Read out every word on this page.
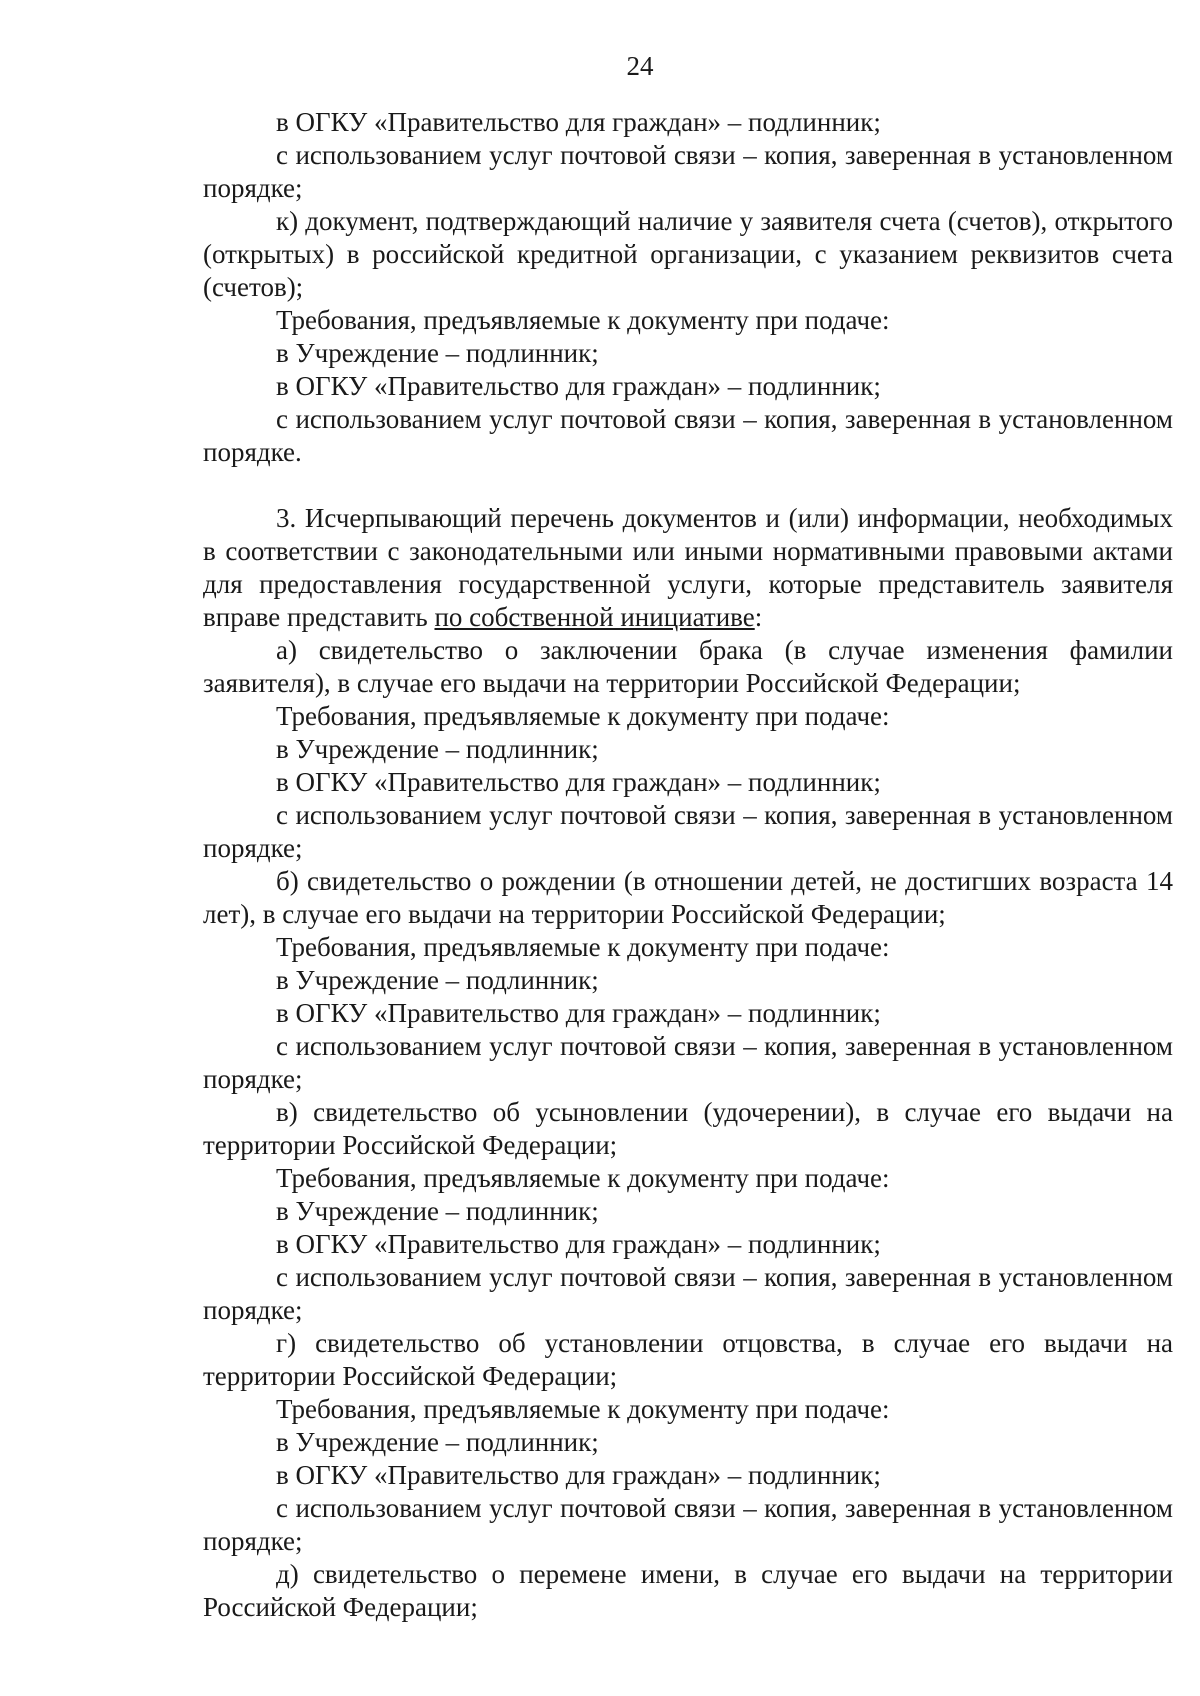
24

в ОГКУ «Правительство для граждан» – подлинник;

с использованием услуг почтовой связи – копия, заверенная в установленном порядке;

к) документ, подтверждающий наличие у заявителя счета (счетов), открытого (открытых) в российской кредитной организации, с указанием реквизитов счета (счетов);

Требования, предъявляемые к документу при подаче:

в Учреждение – подлинник;

в ОГКУ «Правительство для граждан» – подлинник;

с использованием услуг почтовой связи – копия, заверенная в установленном порядке.

3. Исчерпывающий перечень документов и (или) информации, необходимых в соответствии с законодательными или иными нормативными правовыми актами для предоставления государственной услуги, которые представитель заявителя вправе представить по собственной инициативе:

а) свидетельство о заключении брака (в случае изменения фамилии заявителя), в случае его выдачи на территории Российской Федерации;

Требования, предъявляемые к документу при подаче:

в Учреждение – подлинник;

в ОГКУ «Правительство для граждан» – подлинник;

с использованием услуг почтовой связи – копия, заверенная в установленном порядке;

б) свидетельство о рождении (в отношении детей, не достигших возраста 14 лет), в случае его выдачи на территории Российской Федерации;

Требования, предъявляемые к документу при подаче:

в Учреждение – подлинник;

в ОГКУ «Правительство для граждан» – подлинник;

с использованием услуг почтовой связи – копия, заверенная в установленном порядке;

в) свидетельство об усыновлении (удочерении), в случае его выдачи на территории Российской Федерации;

Требования, предъявляемые к документу при подаче:

в Учреждение – подлинник;

в ОГКУ «Правительство для граждан» – подлинник;

с использованием услуг почтовой связи – копия, заверенная в установленном порядке;

г) свидетельство об установлении отцовства, в случае его выдачи на территории Российской Федерации;

Требования, предъявляемые к документу при подаче:

в Учреждение – подлинник;

в ОГКУ «Правительство для граждан» – подлинник;

с использованием услуг почтовой связи – копия, заверенная в установленном порядке;

д) свидетельство о перемене имени, в случае его выдачи на территории Российской Федерации;
